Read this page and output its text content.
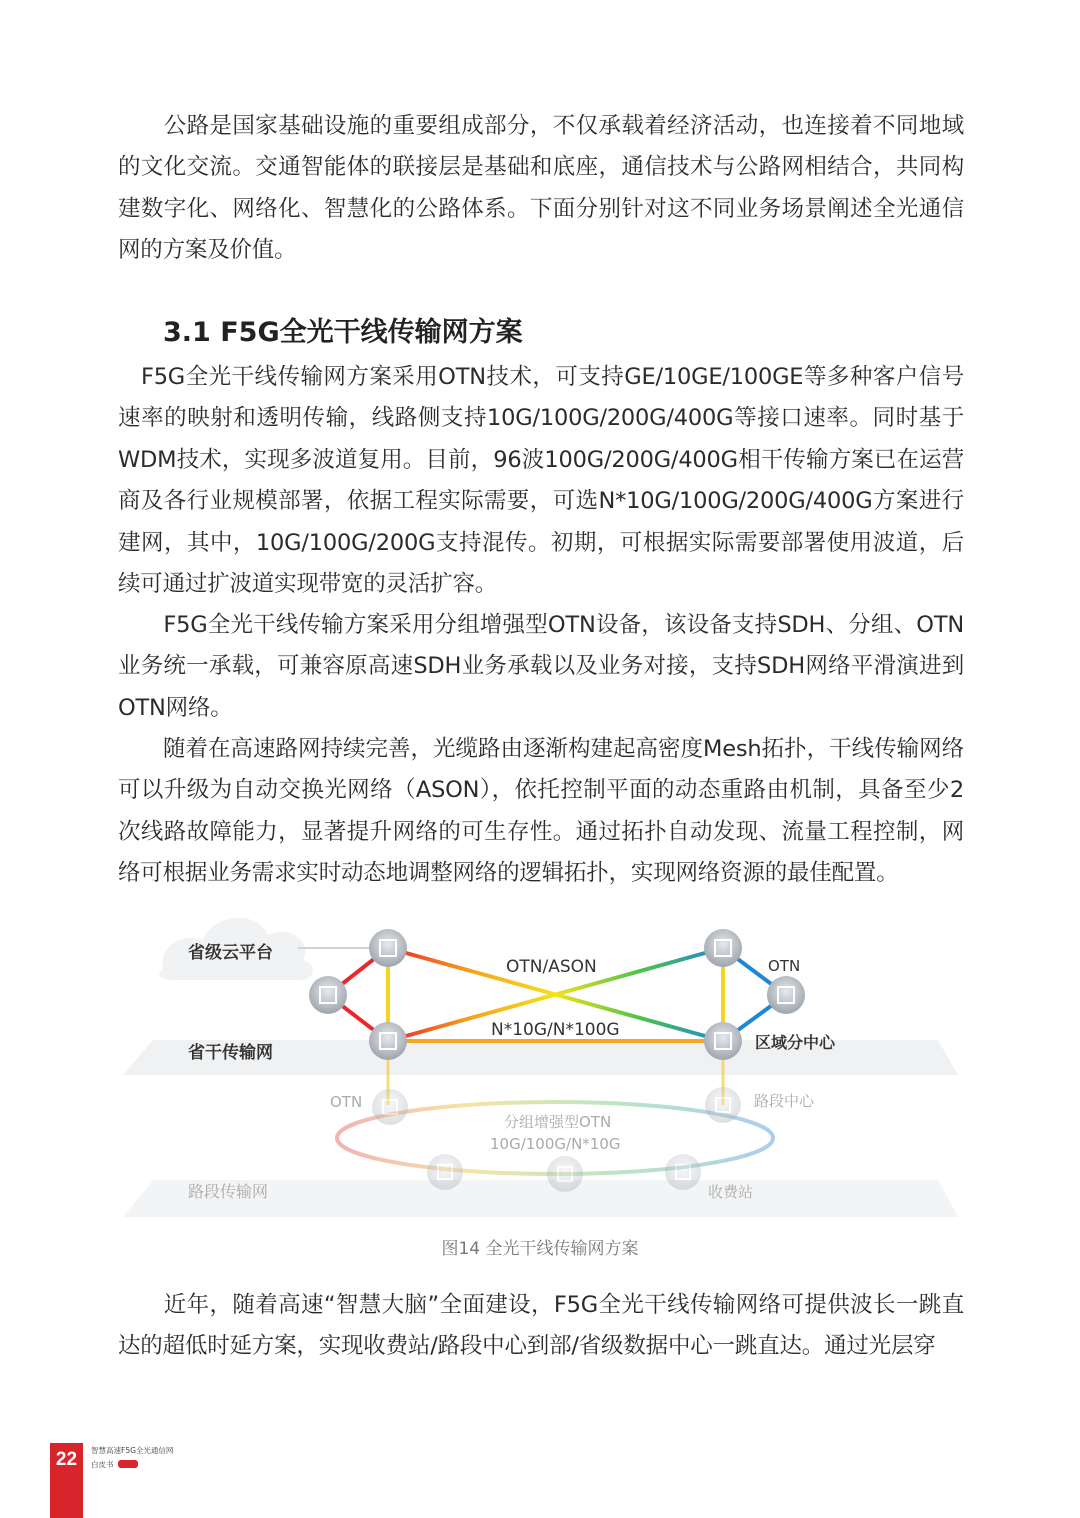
　　公路是国家基础设施的重要组成部分，不仅承载着经济活动，也连接着不同地域的文化交流。交通智能体的联接层是基础和底座，通信技术与公路网相结合，共同构建数字化、网络化、智慧化的公路体系。下面分别针对这不同业务场景阐述全光通信网的方案及价值。

3.1 F5G全光干线传输网方案

　F5G全光干线传输网方案采用OTN技术，可支持GE/10GE/100GE等多种客户信号速率的映射和透明传输，线路侧支持10G/100G/200G/400G等接口速率。同时基于WDM技术，实现多波道复用。目前，96波100G/200G/400G相干传输方案已在运营商及各行业规模部署，依据工程实际需要，可选N*10G/100G/200G/400G方案进行建网，其中，10G/100G/200G支持混传。初期，可根据实际需要部署使用波道，后续可通过扩波道实现带宽的灵活扩容。

　　F5G全光干线传输方案采用分组增强型OTN设备，该设备支持SDH、分组、OTN业务统一承载，可兼容原高速SDH业务承载以及业务对接，支持SDH网络平滑演进到OTN网络。

　　随着在高速路网持续完善，光缆路由逐渐构建起高密度Mesh拓扑，干线传输网络可以升级为自动交换光网络（ASON），依托控制平面的动态重路由机制，具备至少2次线路故障能力，显著提升网络的可生存性。通过拓扑自动发现、流量工程控制，网络可根据业务需求实时动态地调整网络的逻辑拓扑，实现网络资源的最佳配置。

省级云平台
省干传输网
OTN/ASON
N*10G/N*100G
OTN
区域分中心
OTN	路段中心
分组增强型OTN
10G/100G/N*10G
路段传输网	收费站
图14 全光干线传输网方案

　　近年，随着高速“智慧大脑”全面建设，F5G全光干线传输网络可提供波长一跳直达的超低时延方案，实现收费站/路段中心到部/省级数据中心一跳直达。通过光层穿

22	智慧高速F5G全光通信网
白皮书
